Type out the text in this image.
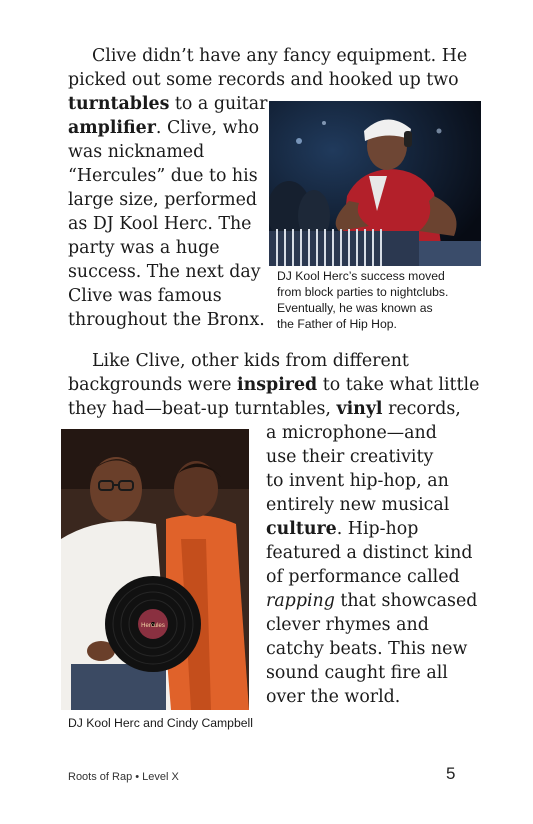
Clive didn’t have any fancy equipment. He
picked out some records and hooked up two
turntables to a guitar
amplifier. Clive, who
was nicknamed
“Hercules” due to his
large size, performed
as DJ Kool Herc. The
party was a huge
success. The next day
Clive was famous
throughout the Bronx.
DJ Kool Herc’s success moved
from block parties to nightclubs.
Eventually, he was known as
the Father of Hip Hop.
Like Clive, other kids from different
backgrounds were inspired to take what little
they had—beat-up turntables, vinyl records,
a microphone—and
use their creativity
to invent hip-hop, an
entirely new musical
culture. Hip-hop
featured a distinct kind
of performance called
rapping that showcased
clever rhymes and
catchy beats. This new
sound caught fire all
over the world.
Hercules
DJ Kool Herc and Cindy Campbell
Roots of Rap • Level X	5
